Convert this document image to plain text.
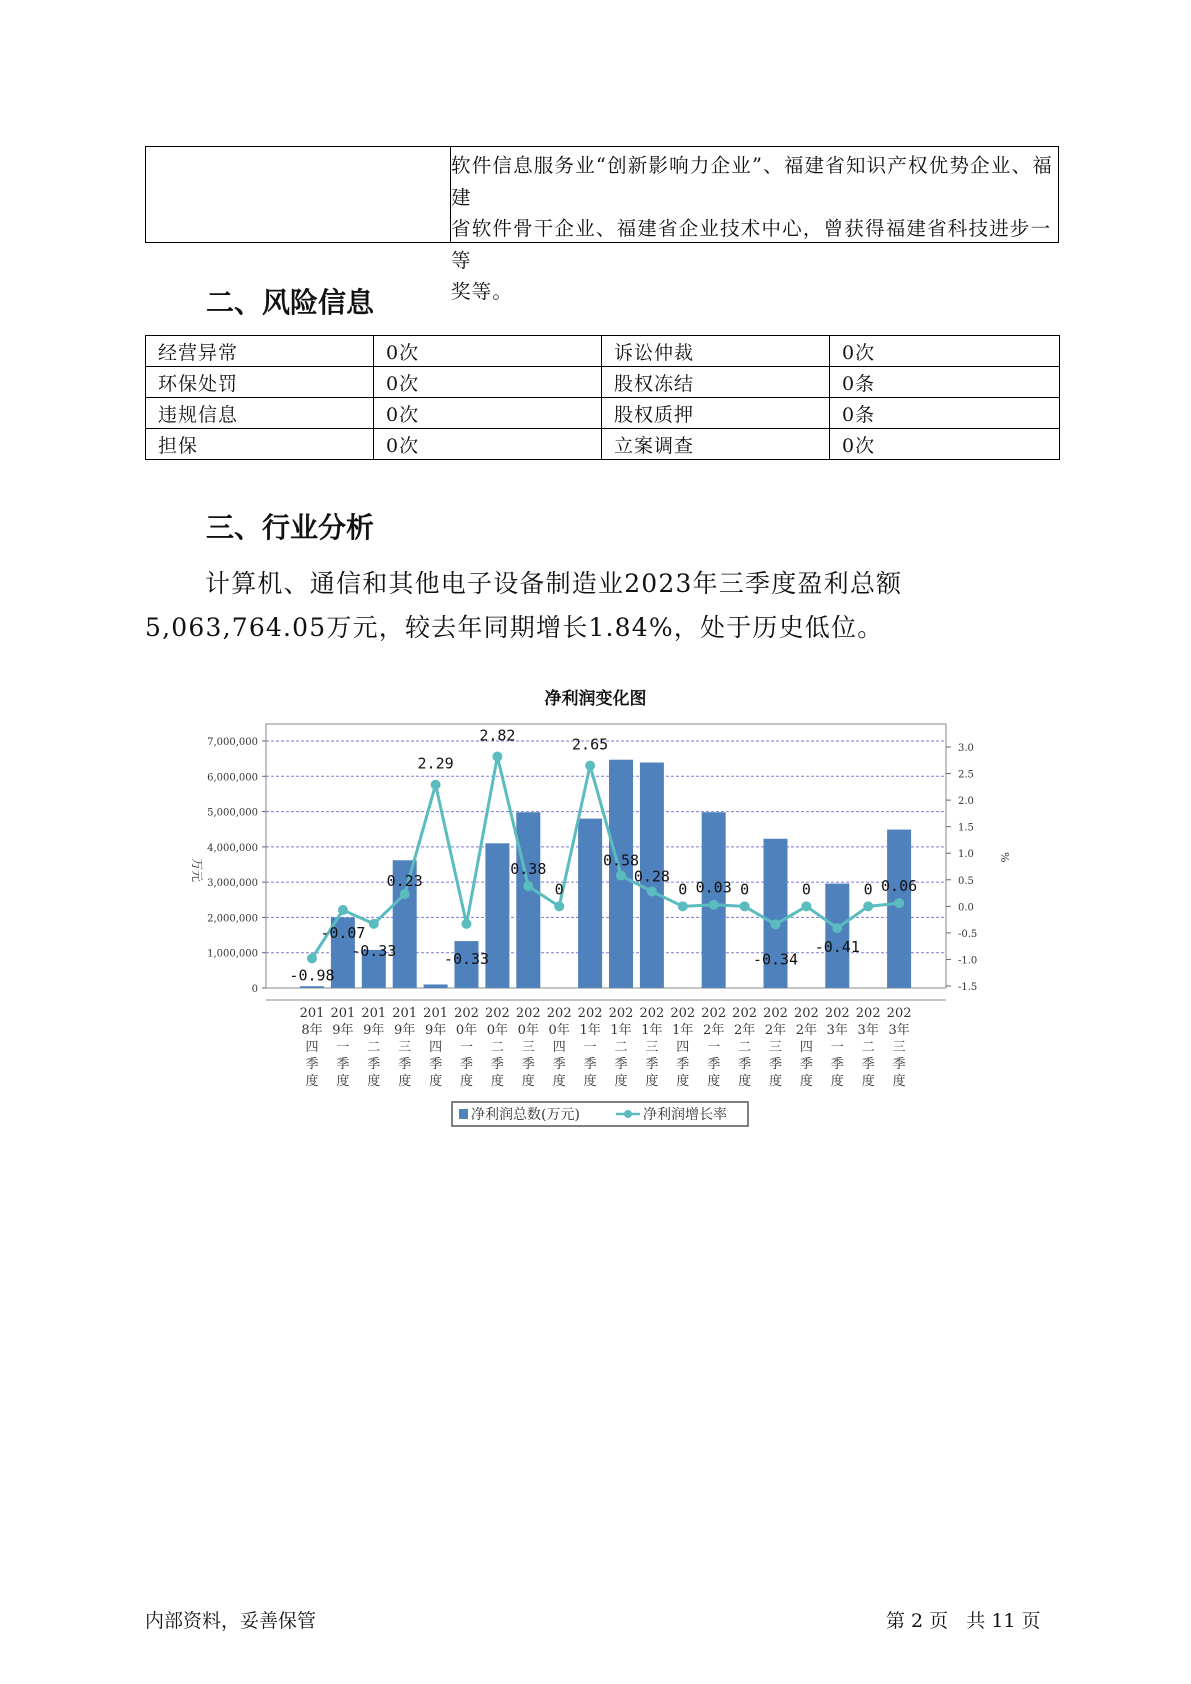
软件信息服务业“创新影响力企业”、福建省知识产权优势企业、福建
省软件骨干企业、福建省企业技术中心，曾获得福建省科技进步一等
奖等。
二、风险信息
经营异常	0次	诉讼仲裁	0次
环保处罚	0次	股权冻结	0条
违规信息	0次	股权质押	0条
担保	0次	立案调查	0次
三、行业分析
计算机、通信和其他电子设备制造业2023年三季度盈利总额
5,063,764.05万元，较去年同期增长1.84%，处于历史低位。
净利润变化图
0
1,000,000
2,000,000
3,000,000
4,000,000
5,000,000
6,000,000
7,000,000
-1.5
-1.0
-0.5
0.0
0.5
1.0
1.5
2.0
2.5
3.0
万元
%
-0.98
-0.07
-0.33
0.23
2.29
-0.33
2.82
0.38
0
2.65
0.58
0.28
0 0.03 0
-0.34
0
-0.41
0 0.06
201
8年
四
季
度
201
9年
一
季
度
201
9年
二
季
度
201
9年
三
季
度
201
9年
四
季
度
202
0年
一
季
度
202
0年
二
季
度
202
0年
三
季
度
202
0年
四
季
度
202
1年
一
季
度
202
1年
二
季
度
202
1年
三
季
度
202
1年
四
季
度
202
2年
一
季
度
202
2年
二
季
度
202
2年
三
季
度
202
2年
四
季
度
202
3年
一
季
度
202
3年
二
季
度
202
3年
三
季
度
净利润总数(万元)	净利润增长率
内部资料，妥善保管	第 2 页   共 11 页
